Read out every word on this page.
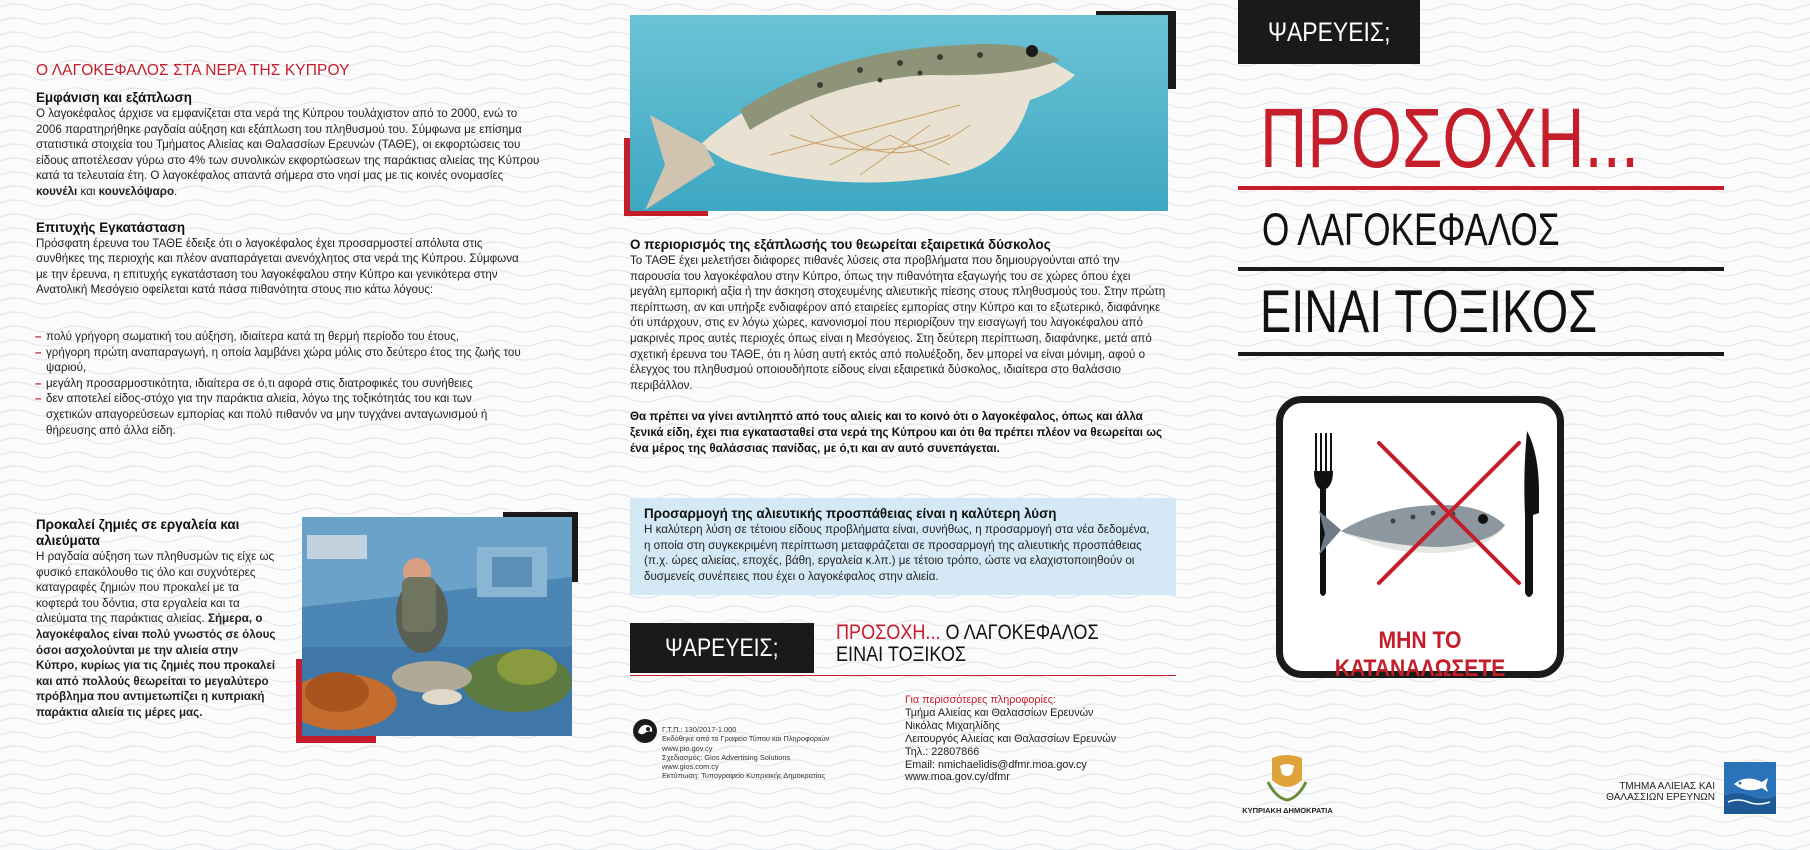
Ο ΛΑΓΟΚΕΦΑΛΟΣ ΣΤΑ ΝΕΡΑ ΤΗΣ ΚΥΠΡΟΥ
Εμφάνιση και εξάπλωση
Ο λαγοκέφαλος άρχισε να εμφανίζεται στα νερά της Κύπρου τουλάχιστον από το 2000, ενώ το 2006 παρατηρήθηκε ραγδαία αύξηση και εξάπλωση του πληθυσμού του. Σύμφωνα με επίσημα στατιστικά στοιχεία του Τμήματος Αλιείας και Θαλασσίων Ερευνών (ΤΑΘΕ), οι εκφορτώσεις του είδους αποτέλεσαν γύρω στο 4% των συνολικών εκφορτώσεων της παράκτιας αλιείας της Κύπρου κατά τα τελευταία έτη. Ο λαγοκέφαλος απαντά σήμερα στο νησί μας με τις κοινές ονομασίες κουνέλι και κουνελόψαρο.
Επιτυχής Εγκατάσταση
Πρόσφατη έρευνα του ΤΑΘΕ έδειξε ότι ο λαγοκέφαλος έχει προσαρμοστεί απόλυτα στις συνθήκες της περιοχής και πλέον αναπαράγεται ανενόχλητος στα νερά της Κύπρου. Σύμφωνα με την έρευνα, η επιτυχής εγκατάσταση του λαγοκέφαλου στην Κύπρο και γενικότερα στην Ανατολική Μεσόγειο οφείλεται κατά πάσα πιθανότητα στους πιο κάτω λόγους:
– πολύ γρήγορη σωματική του αύξηση, ιδιαίτερα κατά τη θερμή περίοδο του έτους,
– γρήγορη πρώτη αναπαραγωγή, η οποία λαμβάνει χώρα μόλις στο δεύτερο έτος της ζωής του ψαριού,
– μεγάλη προσαρμοστικότητα, ιδιαίτερα σε ό,τι αφορά στις διατροφικές του συνήθειες
– δεν αποτελεί είδος-στόχο για την παράκτια αλιεία, λόγω της τοξικότητάς του και των σχετικών απαγορεύσεων εμπορίας και πολύ πιθανόν να μην τυγχάνει ανταγωνισμού ή θήρευσης από άλλα είδη.
Προκαλεί ζημιές σε εργαλεία και αλιεύματα
Η ραγδαία αύξηση των πληθυσμών τις είχε ως φυσικό επακόλουθο τις όλο και συχνότερες καταγραφές ζημιών που προκαλεί με τα κοφτερά του δόντια, στα εργαλεία και τα αλιεύματα της παράκτιας αλιείας. Σήμερα, ο λαγοκέφαλος είναι πολύ γνωστός σε όλους όσοι ασχολούνται με την αλιεία στην Κύπρο, κυρίως για τις ζημιές που προκαλεί και από πολλούς θεωρείται το μεγαλύτερο πρόβλημα που αντιμετωπίζει η κυπριακή παράκτια αλιεία τις μέρες μας.
Ο περιορισμός της εξάπλωσής του θεωρείται εξαιρετικά δύσκολος
Το ΤΑΘΕ έχει μελετήσει διάφορες πιθανές λύσεις στα προβλήματα που δημιουργούνται από την παρουσία του λαγοκέφαλου στην Κύπρο, όπως την πιθανότητα εξαγωγής του σε χώρες όπου έχει μεγάλη εμπορική αξία ή την άσκηση στοχευμένης αλιευτικής πίεσης στους πληθυσμούς του. Στην πρώτη περίπτωση, αν και υπήρξε ενδιαφέρον από εταιρείες εμπορίας στην Κύπρο και το εξωτερικό, διαφάνηκε ότι υπάρχουν, στις εν λόγω χώρες, κανονισμοί που περιορίζουν την εισαγωγή του λαγοκέφαλου από μακρινές προς αυτές περιοχές όπως είναι η Μεσόγειος. Στη δεύτερη περίπτωση, διαφάνηκε, μετά από σχετική έρευνα του ΤΑΘΕ, ότι η λύση αυτή εκτός από πολυέξοδη, δεν μπορεί να είναι μόνιμη, αφού ο έλεγχος του πληθυσμού οποιουδήποτε είδους είναι εξαιρετικά δύσκολος, ιδιαίτερα στο θαλάσσιο περιβάλλον.
Θα πρέπει να γίνει αντιληπτό από τους αλιείς και το κοινό ότι ο λαγοκέφαλος, όπως και άλλα ξενικά είδη, έχει πια εγκατασταθεί στα νερά της Κύπρου και ότι θα πρέπει πλέον να θεωρείται ως ένα μέρος της θαλάσσιας πανίδας, με ό,τι και αν αυτό συνεπάγεται.
Προσαρμογή της αλιευτικής προσπάθειας είναι η καλύτερη λύση
Η καλύτερη λύση σε τέτοιου είδους προβλήματα είναι, συνήθως, η προσαρμογή στα νέα δεδομένα, η οποία στη συγκεκριμένη περίπτωση μεταφράζεται σε προσαρμογή της αλιευτικής προσπάθειας (π.χ. ώρες αλιείας, εποχές, βάθη, εργαλεία κ.λπ.) με τέτοιο τρόπο, ώστε να ελαχιστοποιηθούν οι δυσμενείς συνέπειες που έχει ο λαγοκέφαλος στην αλιεία.
ΨΑΡΕΥΕΙΣ;
ΠΡΟΣΟΧΗ... Ο ΛΑΓΟΚΕΦΑΛΟΣ
ΕΙΝΑΙ ΤΟΞΙΚΟΣ
Γ.Τ.Π.: 130/2017-1.000
Εκδόθηκε από το Γραφείο Τύπου και Πληροφοριών
www.pio.gov.cy
Σχεδιασμός: Gios Advertising Solutions
www.gios.com.cy
Εκτύπωση: Τυπογραφείο Κυπριακής Δημοκρατίας
Για περισσότερες πληροφορίες:
Τμήμα Αλιείας και Θαλασσίων Ερευνών
Νικόλας Μιχαηλίδης
Λειτουργός Αλιείας και Θαλασσίων Ερευνών
Τηλ.: 22807866
Email: nmichaelidis@dfmr.moa.gov.cy
www.moa.gov.cy/dfmr
ΨΑΡΕΥΕΙΣ;
ΠΡΟΣΟΧΗ...
Ο ΛΑΓΟΚΕΦΑΛΟΣ
ΕΙΝΑΙ ΤΟΞΙΚΟΣ
ΜΗΝ ΤΟ ΚΑΤΑΝΑΛΩΣΕΤΕ
ΚΥΠΡΙΑΚΗ ΔΗΜΟΚΡΑΤΙΑ
ΤΜΗΜΑ ΑΛΙΕΙΑΣ ΚΑΙ
ΘΑΛΑΣΣΙΩΝ ΕΡΕΥΝΩΝ
